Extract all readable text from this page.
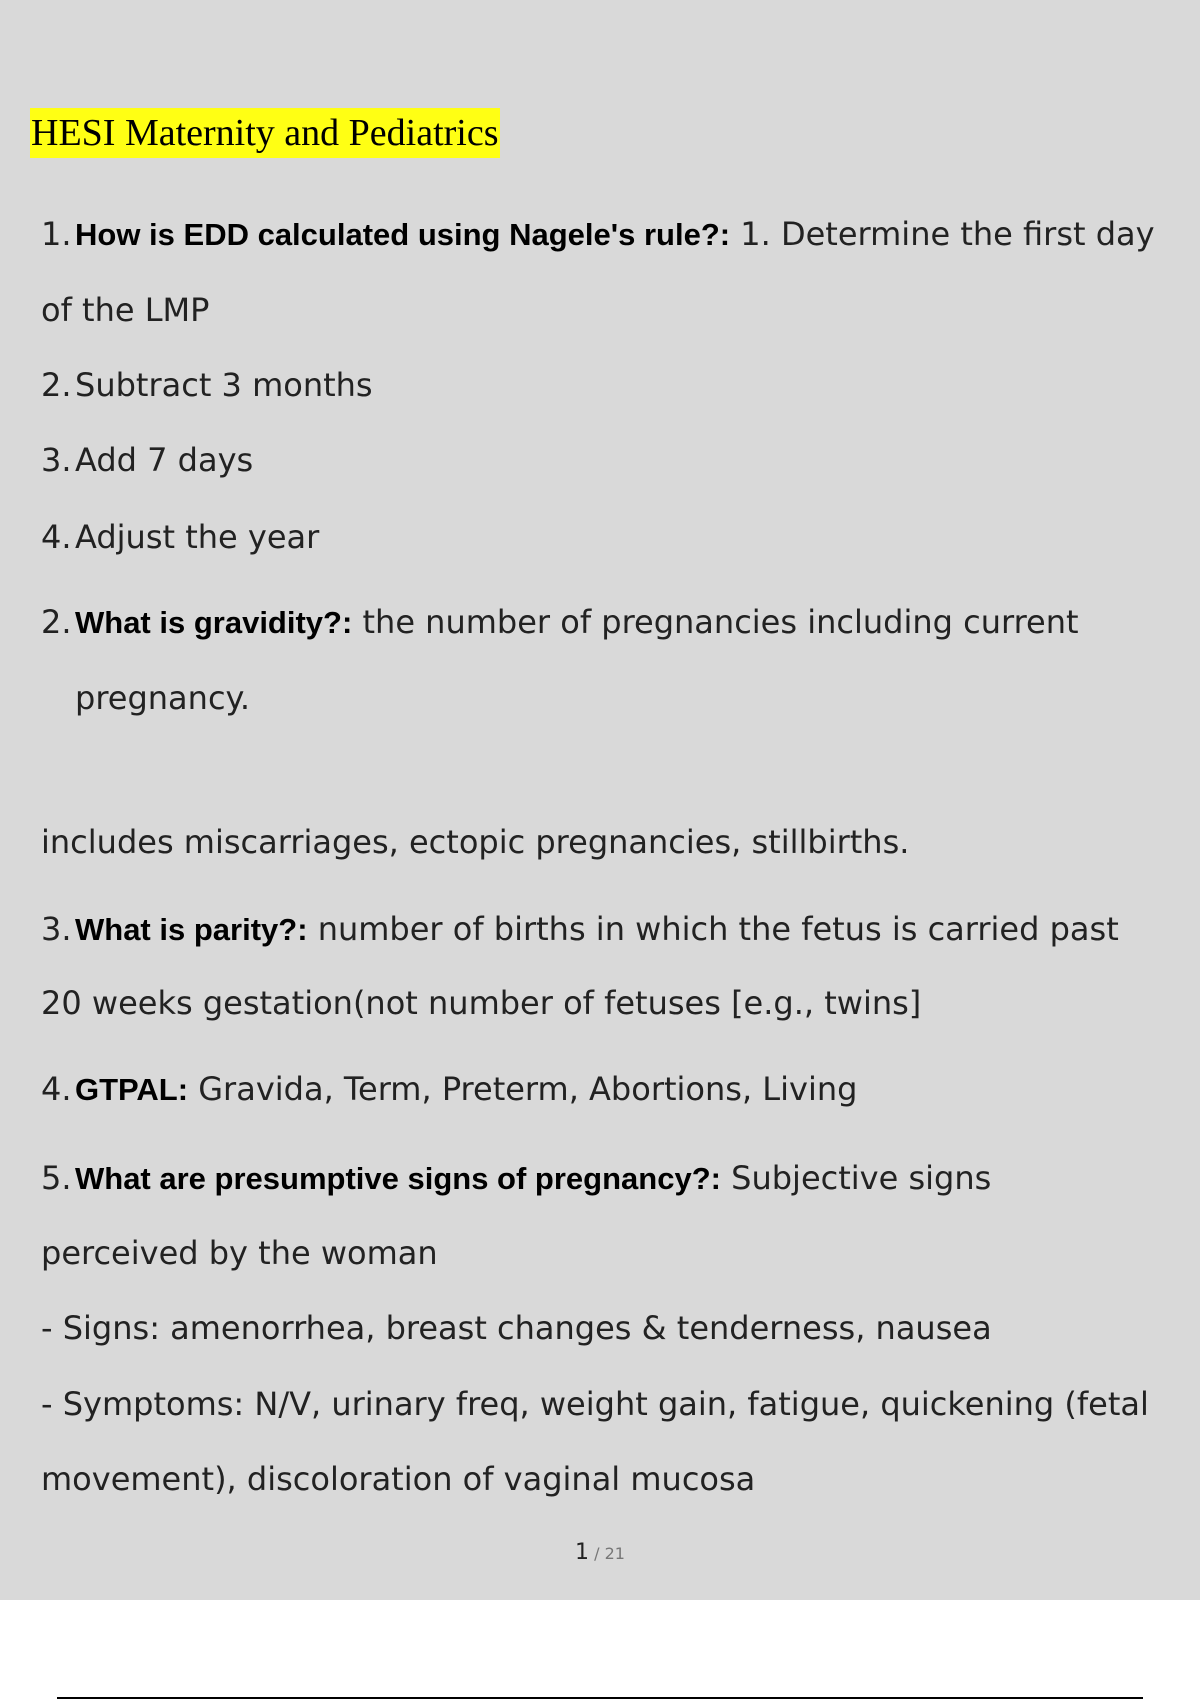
HESI Maternity and Pediatrics
1. How is EDD calculated using Nagele's rule?: 1. Determine the first day
of the LMP
2. Subtract 3 months
3. Add 7 days
4. Adjust the year
2. What is gravidity?: the number of pregnancies including current
pregnancy.
includes miscarriages, ectopic pregnancies, stillbirths.
3. What is parity?: number of births in which the fetus is carried past
20 weeks gestation(not number of fetuses [e.g., twins]
4. GTPAL: Gravida, Term, Preterm, Abortions, Living
5. What are presumptive signs of pregnancy?: Subjective signs
perceived by the woman
- Signs: amenorrhea, breast changes & tenderness, nausea
- Symptoms: N/V, urinary freq, weight gain, fatigue, quickening (fetal
movement), discoloration of vaginal mucosa
1 / 21
